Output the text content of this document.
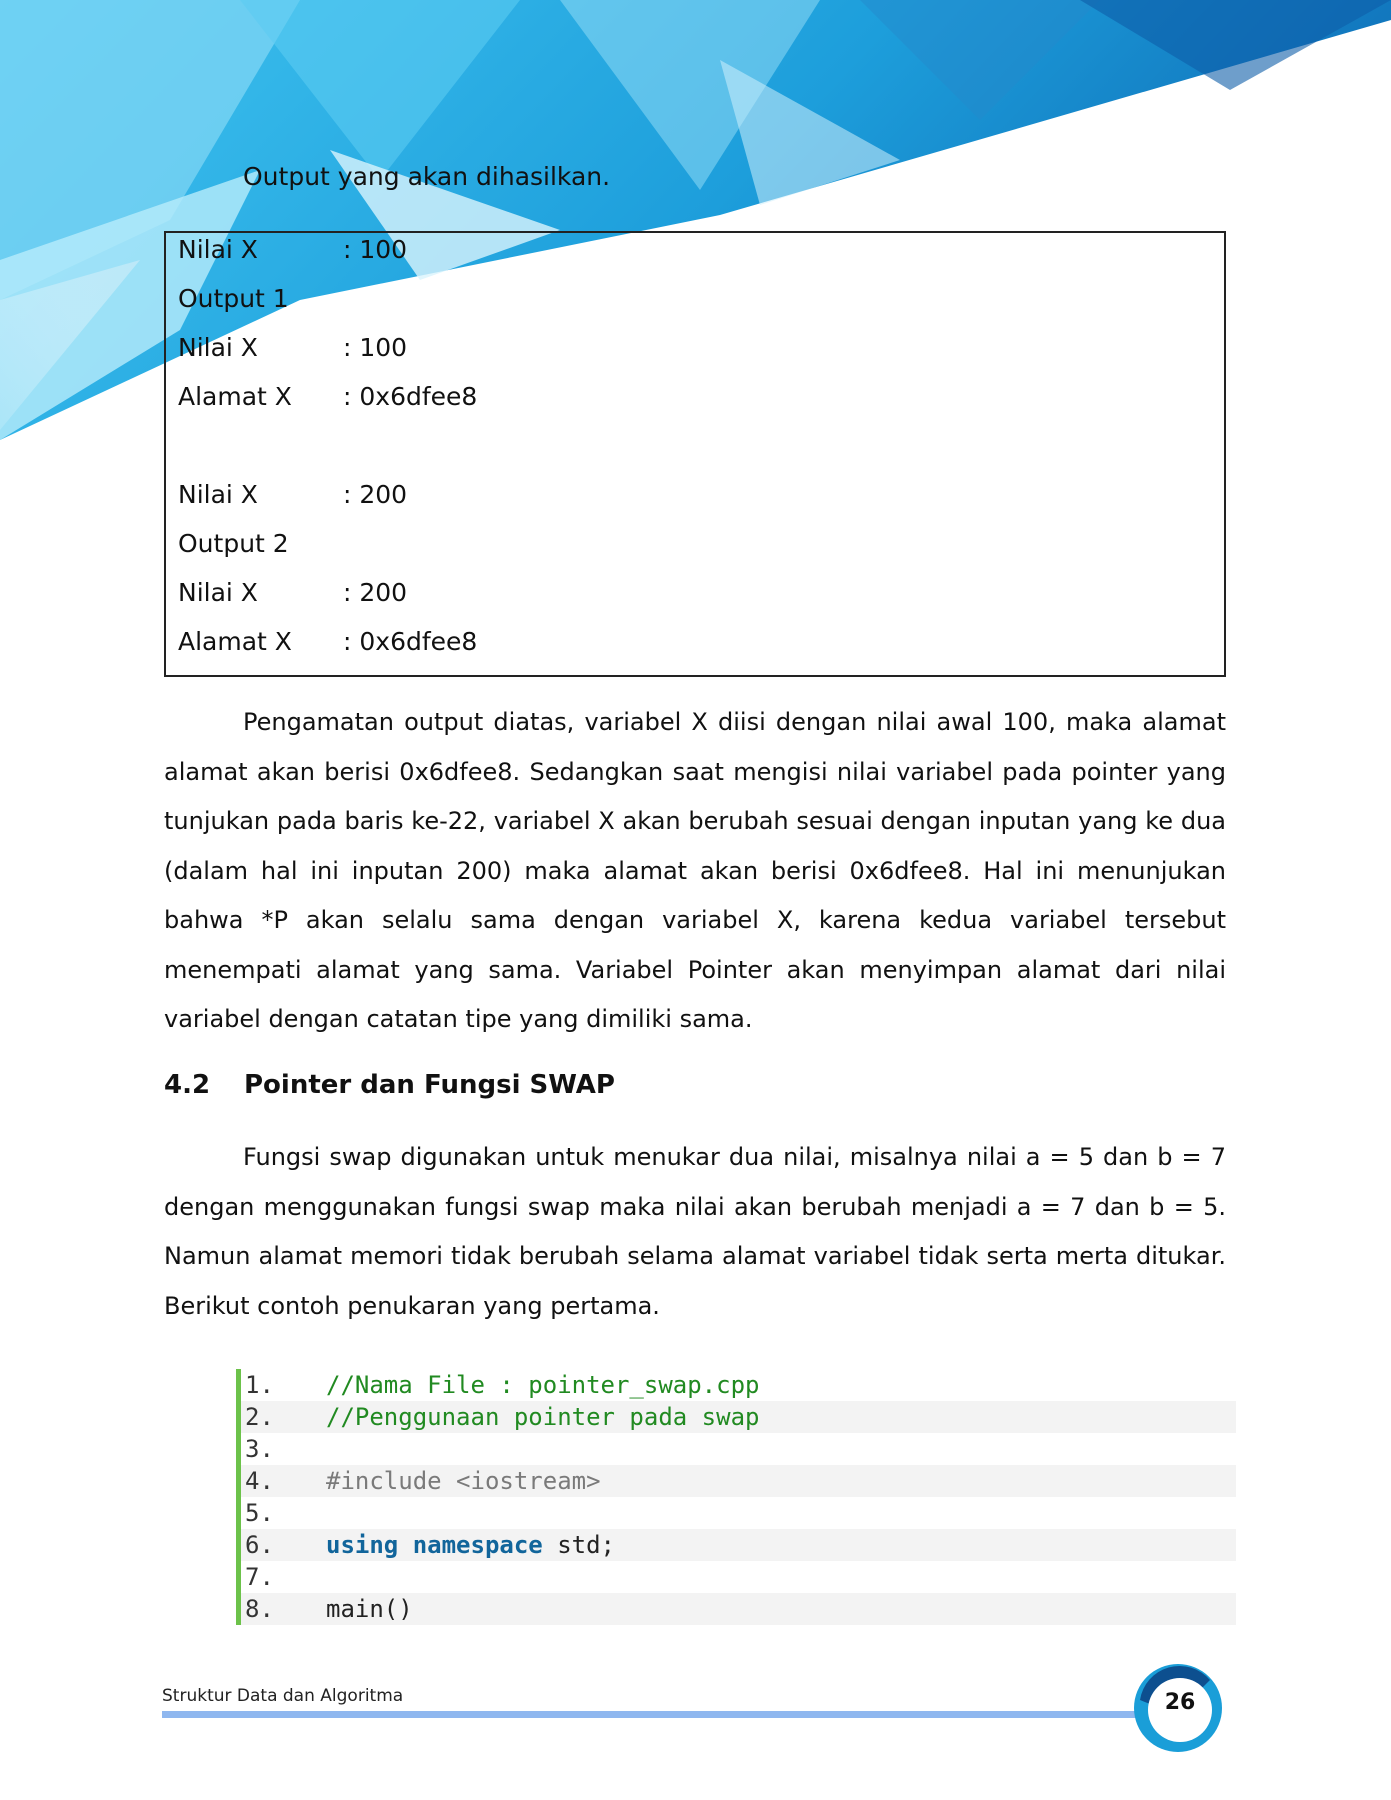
Output yang akan dihasilkan.
Nilai X	: 100
Output 1
Nilai X	: 100
Alamat X : 0x6dfee8
Nilai X	: 200
Output 2
Nilai X	: 200
Alamat X : 0x6dfee8

Pengamatan output diatas, variabel X diisi dengan nilai awal 100, maka alamat alamat akan berisi 0x6dfee8. Sedangkan saat mengisi nilai variabel pada pointer yang tunjukan pada baris ke-22, variabel X akan berubah sesuai dengan inputan yang ke dua (dalam hal ini inputan 200) maka alamat akan berisi 0x6dfee8. Hal ini menunjukan bahwa *P akan selalu sama dengan variabel X, karena kedua variabel tersebut menempati alamat yang sama. Variabel Pointer akan menyimpan alamat dari nilai variabel dengan catatan tipe yang dimiliki sama.

4.2 Pointer dan Fungsi SWAP

Fungsi swap digunakan untuk menukar dua nilai, misalnya nilai a = 5 dan b = 7 dengan menggunakan fungsi swap maka nilai akan berubah menjadi a = 7 dan b = 5. Namun alamat memori tidak berubah selama alamat variabel tidak serta merta ditukar. Berikut contoh penukaran yang pertama.

1. //Nama File : pointer_swap.cpp
2. //Penggunaan pointer pada swap
3.
4. #include <iostream>
5.
6. using namespace std;
7.
8. main()
Struktur Data dan Algoritma	26
